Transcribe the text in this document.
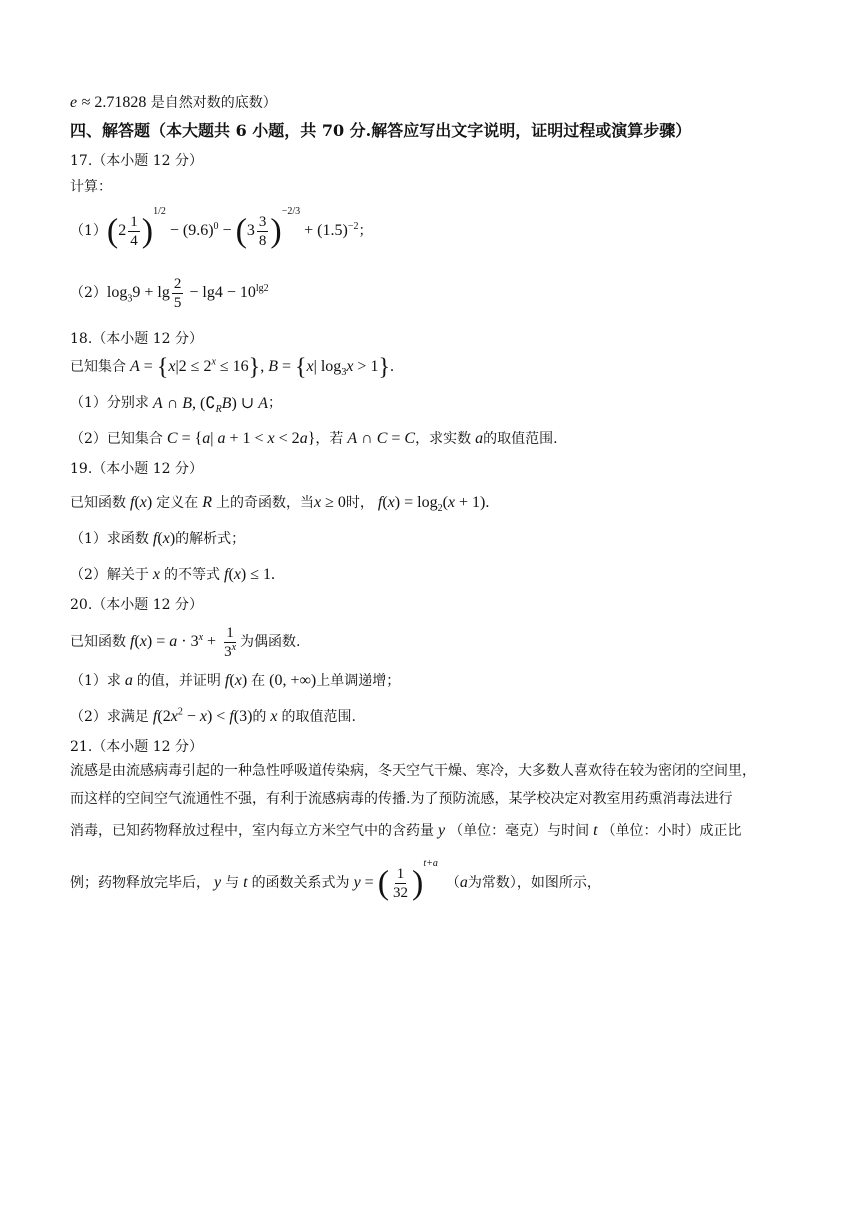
e ≈ 2.71828 是自然对数的底数）
四、解答题（本大题共 6 小题，共 70 分.解答应写出文字说明，证明过程或演算步骤）
17.（本小题 12 分）
计算：
（1） $(2 \frac{1}{4} )^{1/2} - (9.6)^0 - (3 \frac{3}{8} )^{-2/3} + (1.5)^{-2}$ ；
（2） $\log_39 + \lg \frac{2}{5} - \lg 4 - 10^{lg2}$
18.（本小题 12 分）
已知集合 $A = \{x|2 \le 2^x \le 16\}$, B = {x| $\log_3x > 1$}.
（1）分别求 A ∩ B, $(∁_RB)$ ∪ A ；
（2）已知集合 C = {a| a + 1 < x < 2a} ，若 A ∩ C = C ，求实数 a 的取值范围.
19.（本小题 12 分）
已知函数 f(x) 定义在 R 上的奇函数，当 x ≥ 0 时， $f(x) = \log_2(x + 1)$.
（1）求函数 f(x) 的解析式；
（2）解关于 x 的不等式 f(x) ≤ 1.
20.（本小题 12 分）
已知函数 $f(x) = a \cdot 3^x + \frac{1}{3^x}$ 为偶函数.
（1）求 a 的值，并证明 f(x) 在 (0, +∞) 上单调递增；
（2）求满足 $f(2x^2 - x) < f(3)$ 的 x 的取值范围.
21.（本小题 12 分）
流感是由流感病毒引起的一种急性呼吸道传染病，冬天空气干燥、寒冷，大多数人喜欢待在较为密闭的空间里，
而这样的空间空气流通性不强，有利于流感病毒的传播.为了预防流感，某学校决定对教室用药熏消毒法进行
消毒，已知药物释放过程中，室内每立方米空气中的含药量 y （单位：毫克）与时间 t （单位：小时）成正比
例；药物释放完毕后， y 与 t 的函数关系式为 y = ( $\frac{1}{32} )^{t+a}$
（ a 为常数），如图所示，
